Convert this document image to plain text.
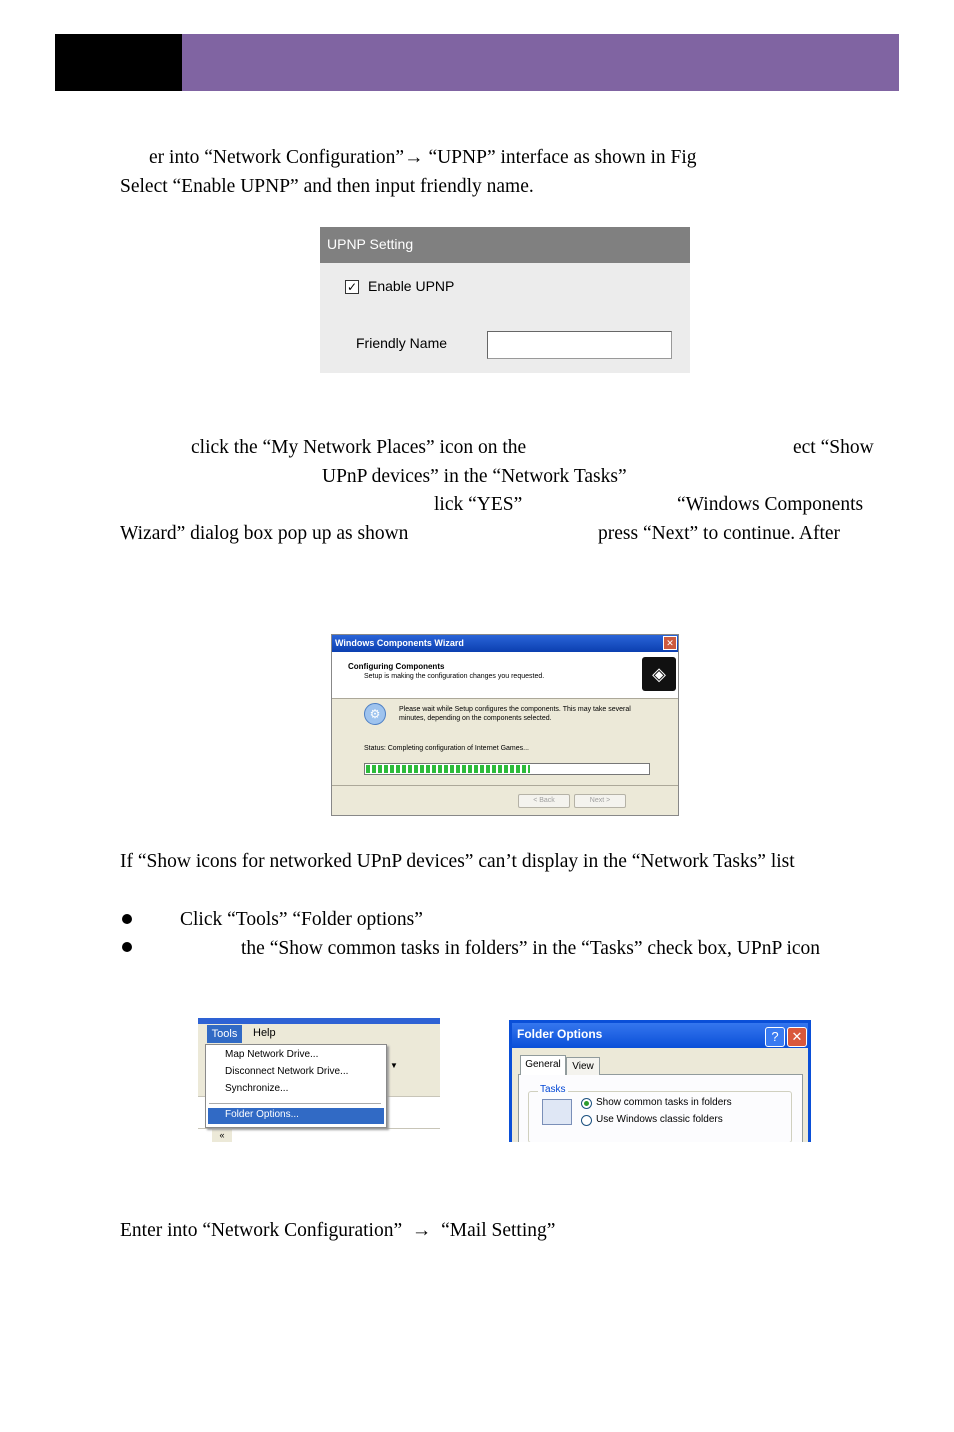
er into “Network Configuration”→ “UPNP” interface as shown in Fig
Select “Enable UPNP” and then input friendly name.
UPNP Setting
✓ Enable UPNP
Friendly Name
click the “My Network Places” icon on the	ect “Show
UPnP devices” in the “Network Tasks”
lick “YES”	“Windows Components
Wizard” dialog box pop up as shown	press “Next” to continue. After
Windows Components Wizard	✕
Configuring Components
Setup is making the configuration changes you requested.	◈
⚙	Please wait while Setup configures the components. This may take several minutes, depending on the components selected.
Status: Completing configuration of Internet Games...
< Back	Next >
If “Show icons for networked UPnP devices” can’t display in the “Network Tasks” list
Click “Tools” “Folder options”
the “Show common tasks in folders” in the “Tasks” check box, UPnP icon
Tools	Help
▼
«
Map Network Drive...
Disconnect Network Drive...
Synchronize...
Folder Options...
Folder Options	? ✕
General	View
Tasks
Show common tasks in folders
Use Windows classic folders
Enter into “Network Configuration” → “Mail Setting”
